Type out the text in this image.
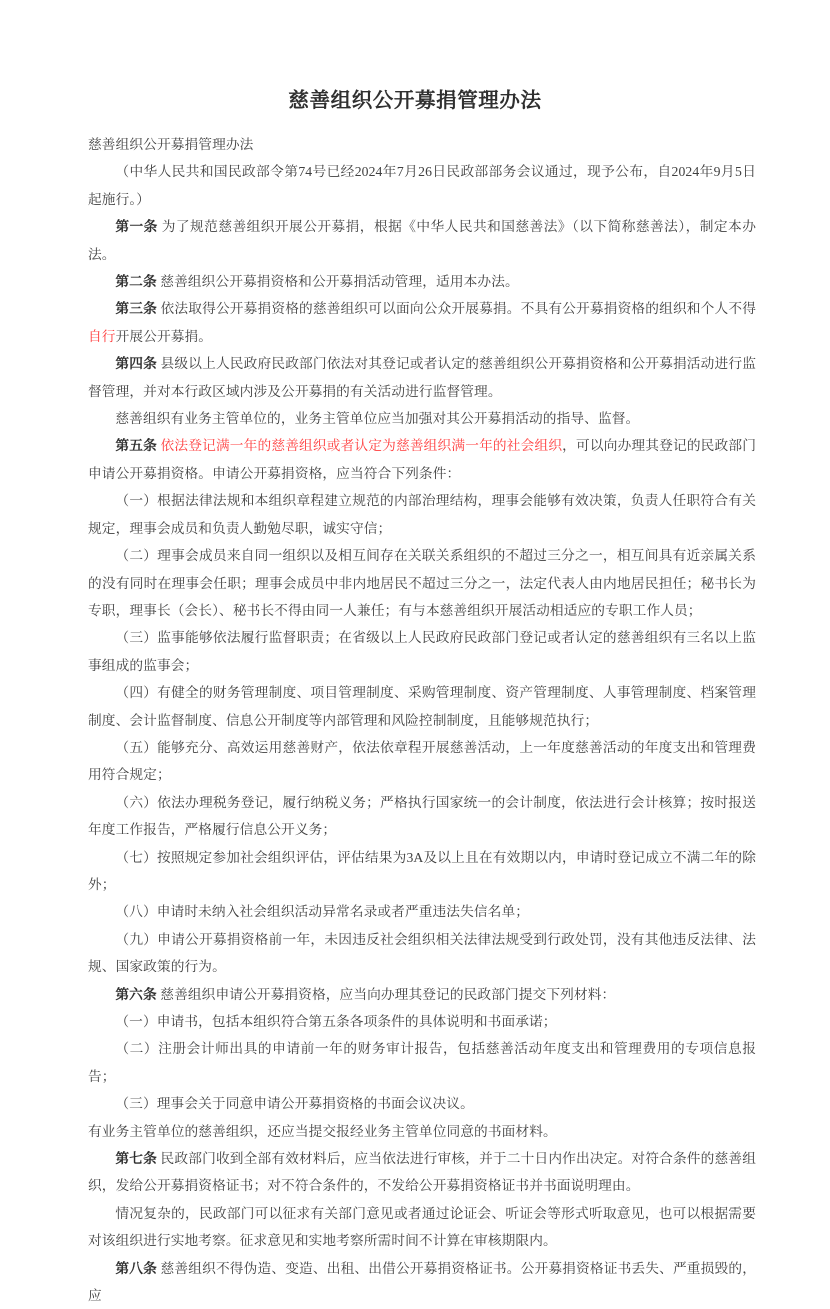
慈善组织公开募捐管理办法

慈善组织公开募捐管理办法

（中华人民共和国民政部令第74号已经2024年7月26日民政部部务会议通过，现予公布，自2024年9月5日起施行。）

第一条 为了规范慈善组织开展公开募捐，根据《中华人民共和国慈善法》（以下简称慈善法），制定本办法。

第二条 慈善组织公开募捐资格和公开募捐活动管理，适用本办法。

第三条 依法取得公开募捐资格的慈善组织可以面向公众开展募捐。不具有公开募捐资格的组织和个人不得自行开展公开募捐。

第四条 县级以上人民政府民政部门依法对其登记或者认定的慈善组织公开募捐资格和公开募捐活动进行监督管理，并对本行政区域内涉及公开募捐的有关活动进行监督管理。

慈善组织有业务主管单位的，业务主管单位应当加强对其公开募捐活动的指导、监督。

第五条 依法登记满一年的慈善组织或者认定为慈善组织满一年的社会组织，可以向办理其登记的民政部门申请公开募捐资格。申请公开募捐资格，应当符合下列条件：

（一）根据法律法规和本组织章程建立规范的内部治理结构，理事会能够有效决策，负责人任职符合有关规定，理事会成员和负责人勤勉尽职，诚实守信；

（二）理事会成员来自同一组织以及相互间存在关联关系组织的不超过三分之一，相互间具有近亲属关系的没有同时在理事会任职；理事会成员中非内地居民不超过三分之一，法定代表人由内地居民担任；秘书长为专职，理事长（会长）、秘书长不得由同一人兼任；有与本慈善组织开展活动相适应的专职工作人员；

（三）监事能够依法履行监督职责；在省级以上人民政府民政部门登记或者认定的慈善组织有三名以上监事组成的监事会；

（四）有健全的财务管理制度、项目管理制度、采购管理制度、资产管理制度、人事管理制度、档案管理制度、会计监督制度、信息公开制度等内部管理和风险控制制度，且能够规范执行；

（五）能够充分、高效运用慈善财产，依法依章程开展慈善活动，上一年度慈善活动的年度支出和管理费用符合规定；

（六）依法办理税务登记，履行纳税义务；严格执行国家统一的会计制度，依法进行会计核算；按时报送年度工作报告，严格履行信息公开义务；

（七）按照规定参加社会组织评估，评估结果为3A及以上且在有效期以内，申请时登记成立不满二年的除外；

（八）申请时未纳入社会组织活动异常名录或者严重违法失信名单；

（九）申请公开募捐资格前一年，未因违反社会组织相关法律法规受到行政处罚，没有其他违反法律、法规、国家政策的行为。

第六条 慈善组织申请公开募捐资格，应当向办理其登记的民政部门提交下列材料：

（一）申请书，包括本组织符合第五条各项条件的具体说明和书面承诺；

（二）注册会计师出具的申请前一年的财务审计报告，包括慈善活动年度支出和管理费用的专项信息报告；

（三）理事会关于同意申请公开募捐资格的书面会议决议。

有业务主管单位的慈善组织，还应当提交报经业务主管单位同意的书面材料。

第七条 民政部门收到全部有效材料后，应当依法进行审核，并于二十日内作出决定。对符合条件的慈善组织，发给公开募捐资格证书；对不符合条件的，不发给公开募捐资格证书并书面说明理由。

情况复杂的，民政部门可以征求有关部门意见或者通过论证会、听证会等形式听取意见，也可以根据需要对该组织进行实地考察。征求意见和实地考察所需时间不计算在审核期限内。

第八条 慈善组织不得伪造、变造、出租、出借公开募捐资格证书。公开募捐资格证书丢失、严重损毁的，应
